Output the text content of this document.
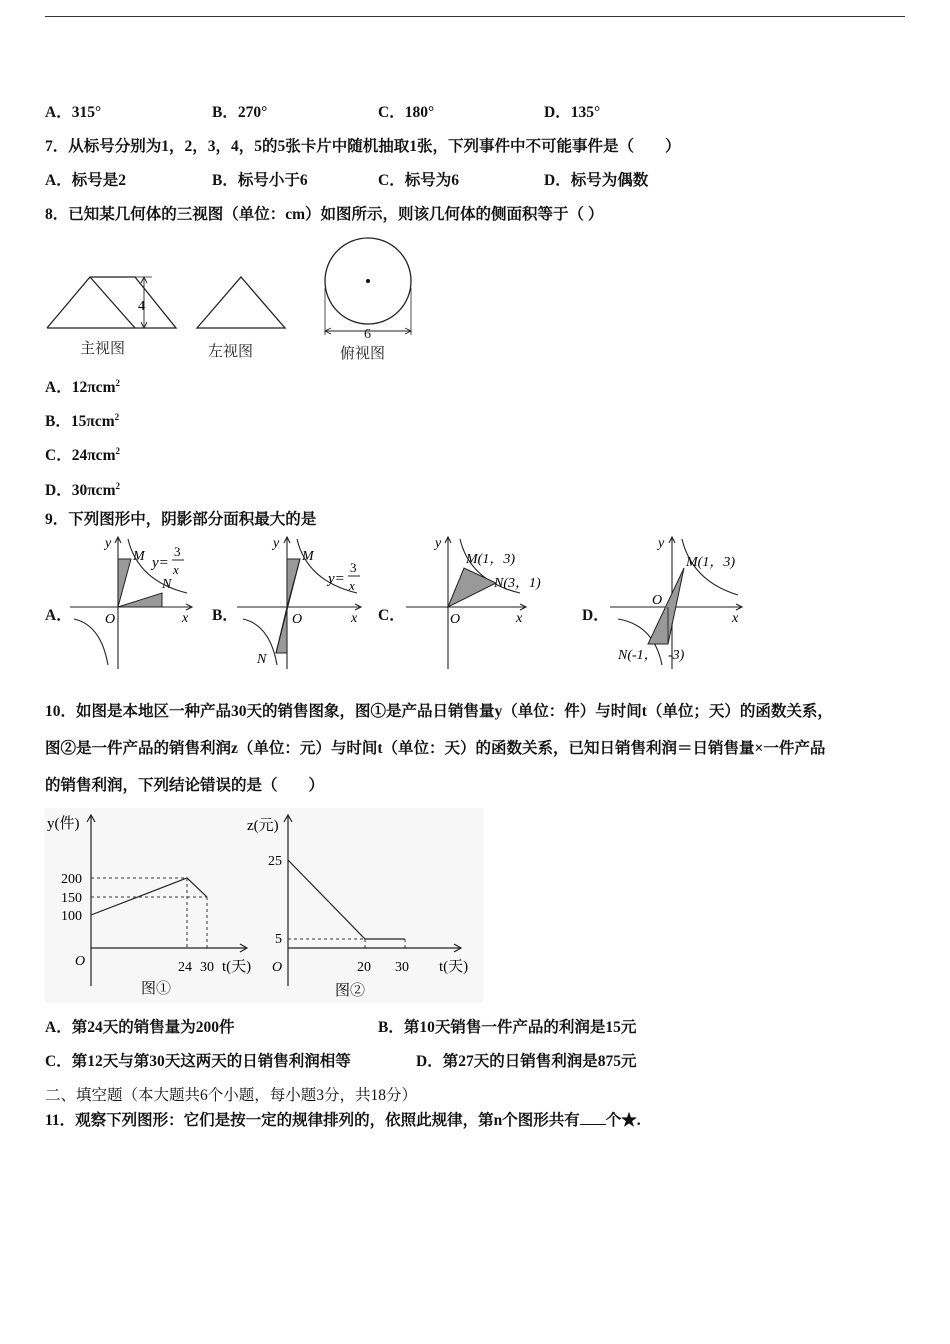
A．315°	B．270°	C．180°	D．135°
7．从标号分别为1，2，3，4，5的5张卡片中随机抽取1张，下列事件中不可能事件是（　　）
A．标号是2	B．标号小于6	C．标号为6	D．标号为偶数
8．已知某几何体的三视图（单位：cm）如图所示，则该几何体的侧面积等于（ ）
4
6
主视图	左视图	俯视图
A．12πcm$^2$
B．15πcm$^2$
C．24πcm$^2$
D．30πcm$^2$
9．下列图形中，阴影部分面积最大的是
A．	B．	C．	D．
y
x
O
M
N
y=
3
x
y
x
O
M
N
y=
3
x
y
x
O
M(1，3)
N(3，1)
y
x
O
M(1，3)
N(-1， -3)
10．如图是本地区一种产品30天的销售图象，图①是产品日销售量y（单位：件）与时间t（单位；天）的函数关系，
图②是一件产品的销售利润z（单位：元）与时间t（单位：天）的函数关系，已知日销售利润＝日销售量×一件产品
的销售利润，下列结论错误的是（　　）
y(件)
200
150
100
O	24 30 t(天)
图①
z(元)
25
5
O	20 30 t(天)
图②
A．第24天的销售量为200件	B．第10天销售一件产品的利润是15元
C．第12天与第30天这两天的日销售利润相等	D．第27天的日销售利润是875元
二、填空题（本大题共6个小题，每小题3分，共18分）
11．观察下列图形：它们是按一定的规律排列的，依照此规律，第n个图形共有 个★.
